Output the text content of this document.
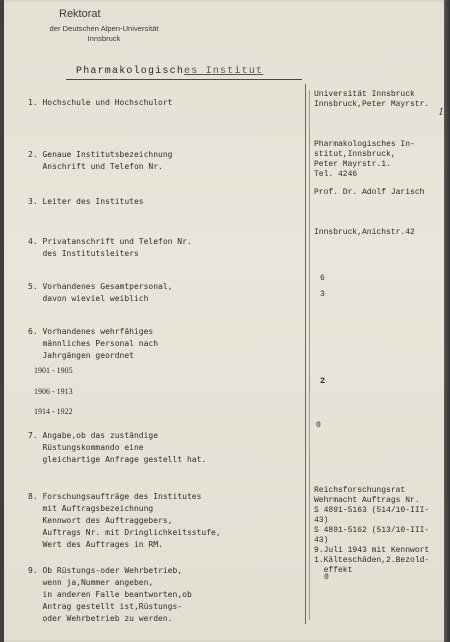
Rektorat
der Deutschen Alpen-Universität
Innsbruck
Pharmakologisches Institut
1. Hochschule und Hochschulort
2. Genaue Institutsbezeichnung
Anschrift und Telefon Nr.
3. Leiter des Institutes
4. Privatanschrift und Telefon Nr.
des Institutsleiters
5. Vorhandenes Gesamtpersonal,
davon wieviel weiblich
6. Vorhandenes wehrfähiges
männliches Personal nach
Jahrgängen geordnet
1901 - 1905
1906 - 1913
1914 - 1922
7. Angabe,ob das zuständige
Rüstungskommando eine
gleichartige Anfrage gestellt hat.
8. Forschungsaufträge des Institutes
mit Auftragsbezeichnung
Kennwort des Auftraggebers,
Auftrags Nr. mit Dringlichkeitsstufe,
Wert des Auftrages in RM.
9. Ob Rüstungs-oder Wehrbetrieb,
wenn ja,Nummer angeben,
in anderen Falle beantworten,ob
Antrag gestellt ist,Rüstungs-
oder Wehrbetrieb zu werden.
Universität Innsbruck
Innsbruck,Peter Mayrstr. 1
Pharmakologisches In-
stitut,Innsbruck,
Peter Mayrstr.1.
Tel. 4246
Prof. Dr. Adolf Jarisch
Innsbruck,Anichstr.42
6
3
2
0
Reichsforschungsrat
Wehrmacht Auftrags Nr.
S 4891-5163 (514/10-III-
43)
S 4891-5162 (513/10-III-
43)
9.Juli 1943 mit Kennwort
1.Kälteschäden,2.Bezold-
effekt
0
